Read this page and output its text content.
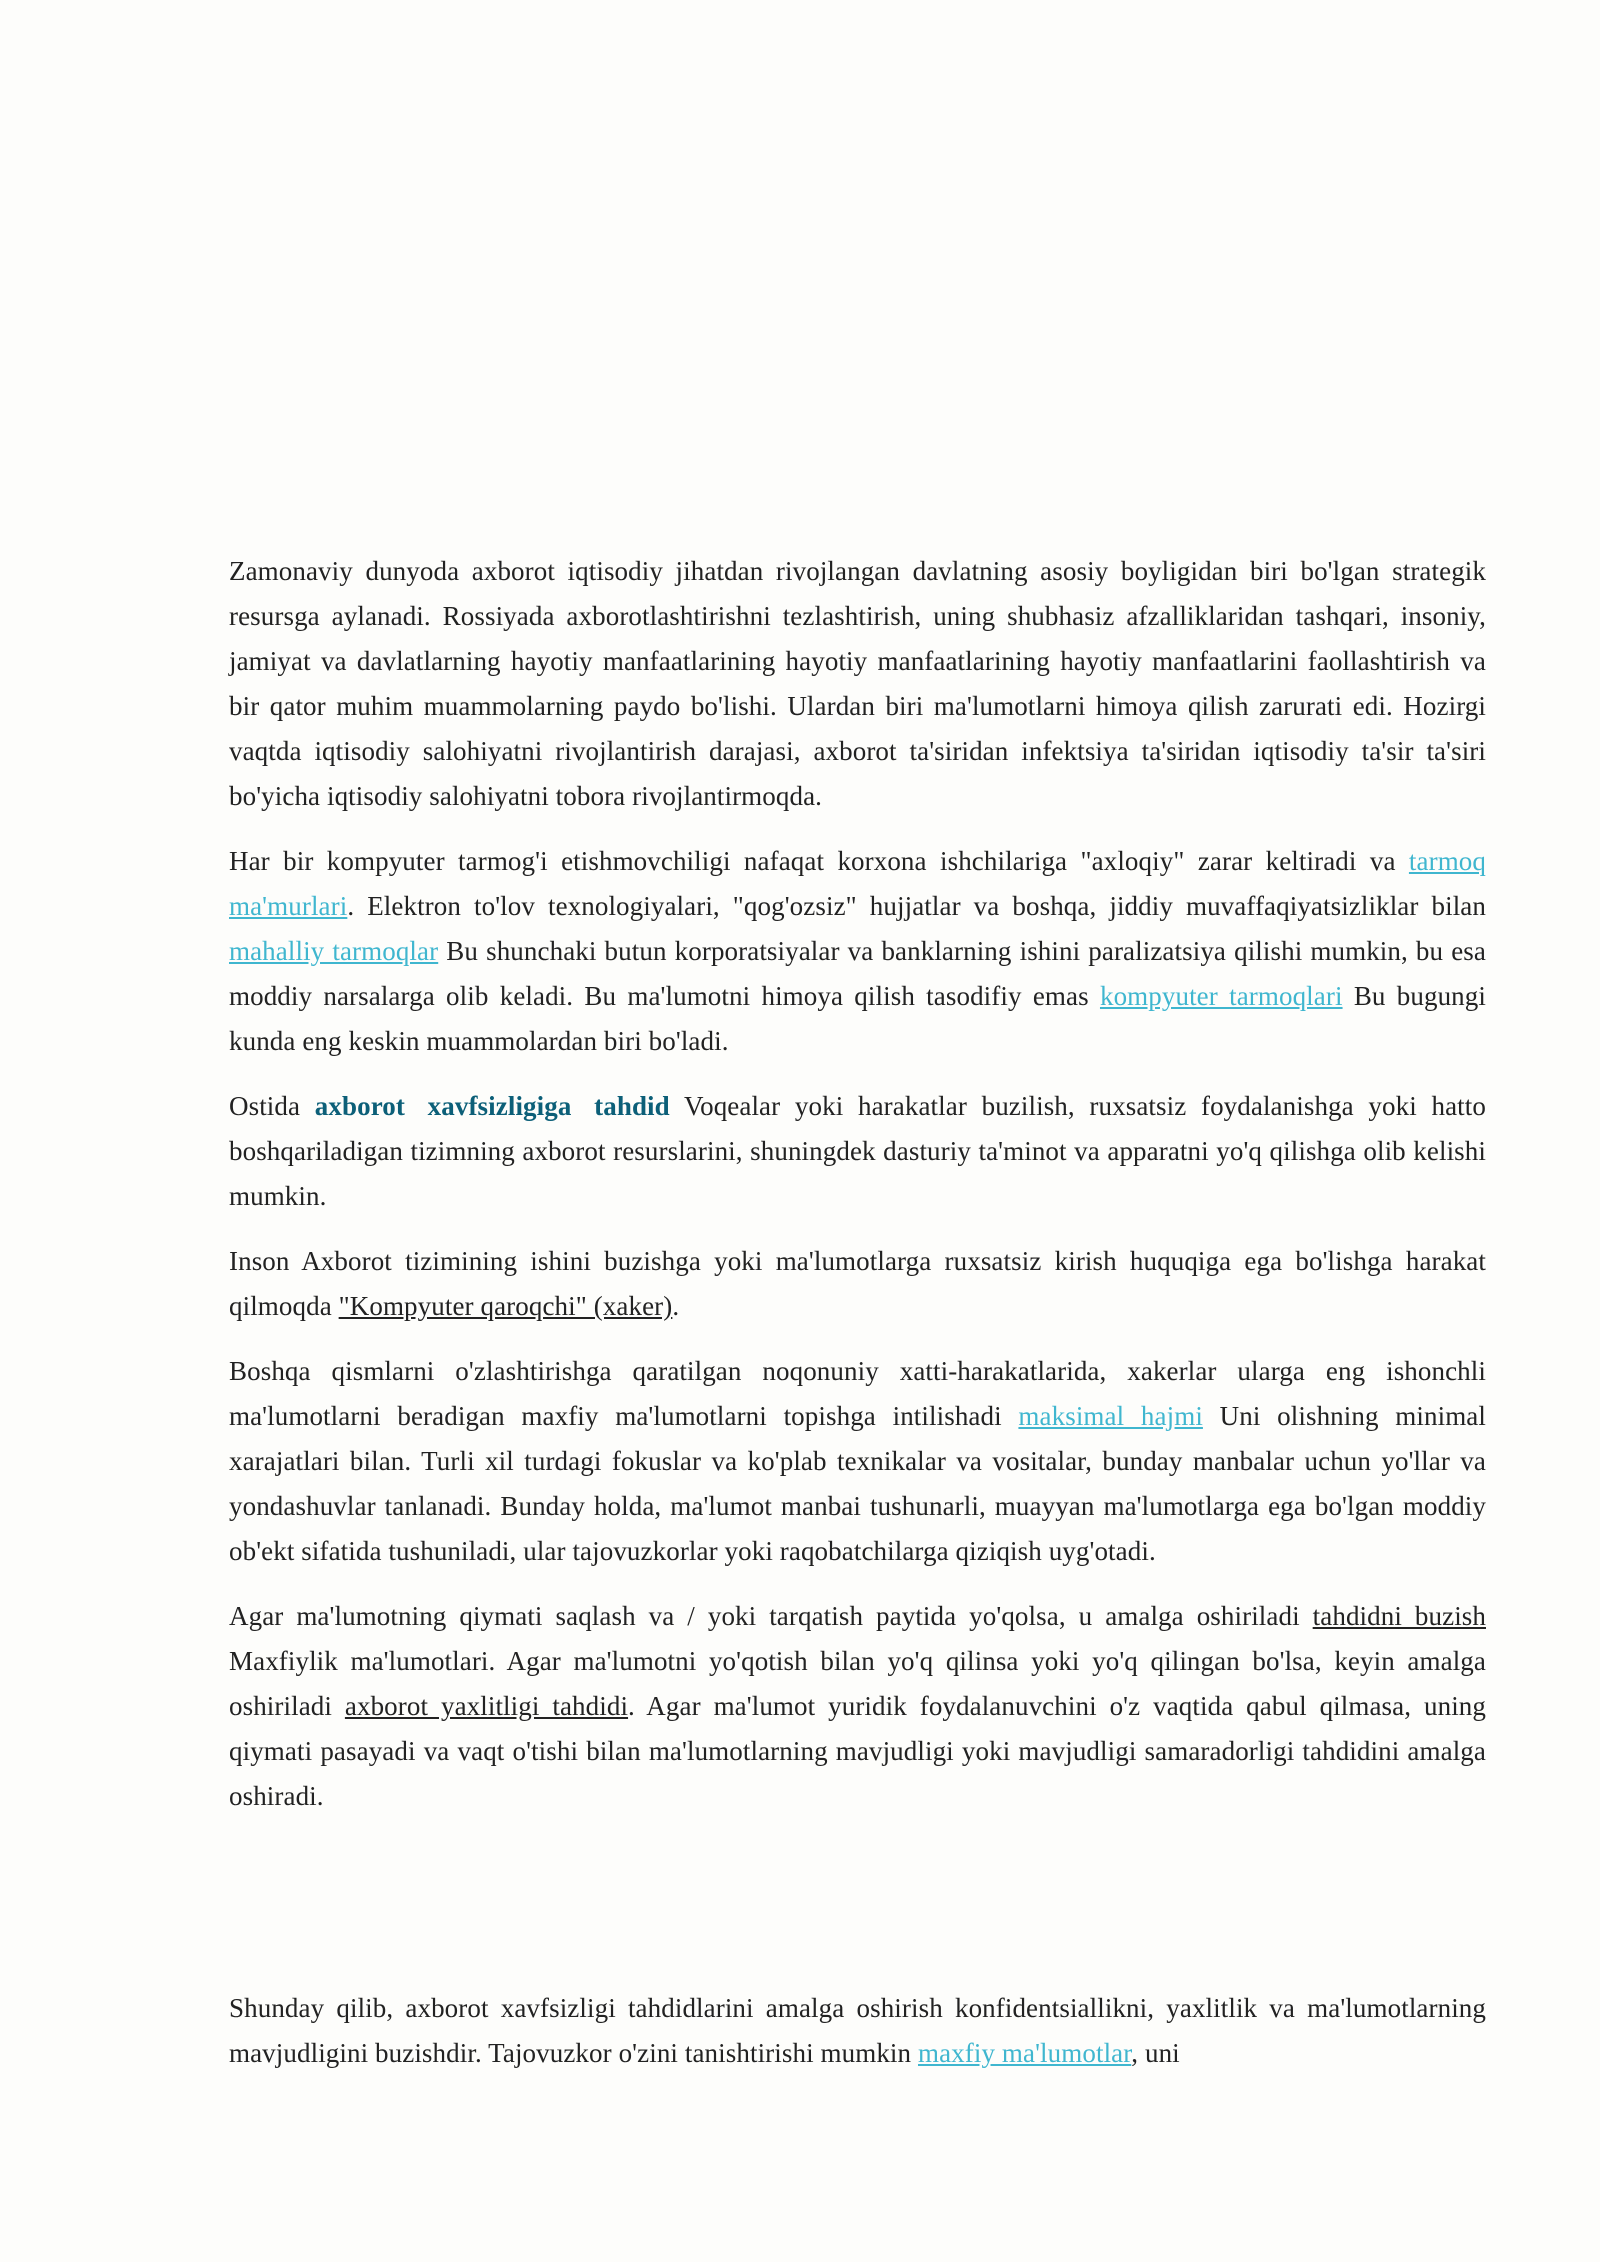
Zamonaviy dunyoda axborot iqtisodiy jihatdan rivojlangan davlatning asosiy boyligidan biri bo'lgan strategik resursga aylanadi. Rossiyada axborotlashtirishni tezlashtirish, uning shubhasiz afzalliklaridan tashqari, insoniy, jamiyat va davlatlarning hayotiy manfaatlarining hayotiy manfaatlarining hayotiy manfaatlarini faollashtirish va bir qator muhim muammolarning paydo bo'lishi. Ulardan biri ma'lumotlarni himoya qilish zarurati edi. Hozirgi vaqtda iqtisodiy salohiyatni rivojlantirish darajasi, axborot ta'siridan infektsiya ta'siridan iqtisodiy ta'sir ta'siri bo'yicha iqtisodiy salohiyatni tobora rivojlantirmoqda.

Har bir kompyuter tarmog'i etishmovchiligi nafaqat korxona ishchilariga "axloqiy" zarar keltiradi va tarmoq ma'murlari. Elektron to'lov texnologiyalari, "qog'ozsiz" hujjatlar va boshqa, jiddiy muvaffaqiyatsizliklar bilan mahalliy tarmoqlar Bu shunchaki butun korporatsiyalar va banklarning ishini paralizatsiya qilishi mumkin, bu esa moddiy narsalarga olib keladi. Bu ma'lumotni himoya qilish tasodifiy emas kompyuter tarmoqlari Bu bugungi kunda eng keskin muammolardan biri bo'ladi.

Ostida axborot xavfsizligiga tahdid Voqealar yoki harakatlar buzilish, ruxsatsiz foydalanishga yoki hatto boshqariladigan tizimning axborot resurslarini, shuningdek dasturiy ta'minot va apparatni yo'q qilishga olib kelishi mumkin.

Inson Axborot tizimining ishini buzishga yoki ma'lumotlarga ruxsatsiz kirish huquqiga ega bo'lishga harakat qilmoqda "Kompyuter qaroqchi" (xaker).

Boshqa qismlarni o'zlashtirishga qaratilgan noqonuniy xatti-harakatlarida, xakerlar ularga eng ishonchli ma'lumotlarni beradigan maxfiy ma'lumotlarni topishga intilishadi maksimal hajmi Uni olishning minimal xarajatlari bilan. Turli xil turdagi fokuslar va ko'plab texnikalar va vositalar, bunday manbalar uchun yo'llar va yondashuvlar tanlanadi. Bunday holda, ma'lumot manbai tushunarli, muayyan ma'lumotlarga ega bo'lgan moddiy ob'ekt sifatida tushuniladi, ular tajovuzkorlar yoki raqobatchilarga qiziqish uyg'otadi.

Agar ma'lumotning qiymati saqlash va / yoki tarqatish paytida yo'qolsa, u amalga oshiriladi tahdidni buzish Maxfiylik ma'lumotlari. Agar ma'lumotni yo'qotish bilan yo'q qilinsa yoki yo'q qilingan bo'lsa, keyin amalga oshiriladi axborot yaxlitligi tahdidi. Agar ma'lumot yuridik foydalanuvchini o'z vaqtida qabul qilmasa, uning qiymati pasayadi va vaqt o'tishi bilan ma'lumotlarning mavjudligi yoki mavjudligi samaradorligi tahdidini amalga oshiradi.

Shunday qilib, axborot xavfsizligi tahdidlarini amalga oshirish konfidentsiallikni, yaxlitlik va ma'lumotlarning mavjudligini buzishdir. Tajovuzkor o'zini tanishtirishi mumkin maxfiy ma'lumotlar, uni
